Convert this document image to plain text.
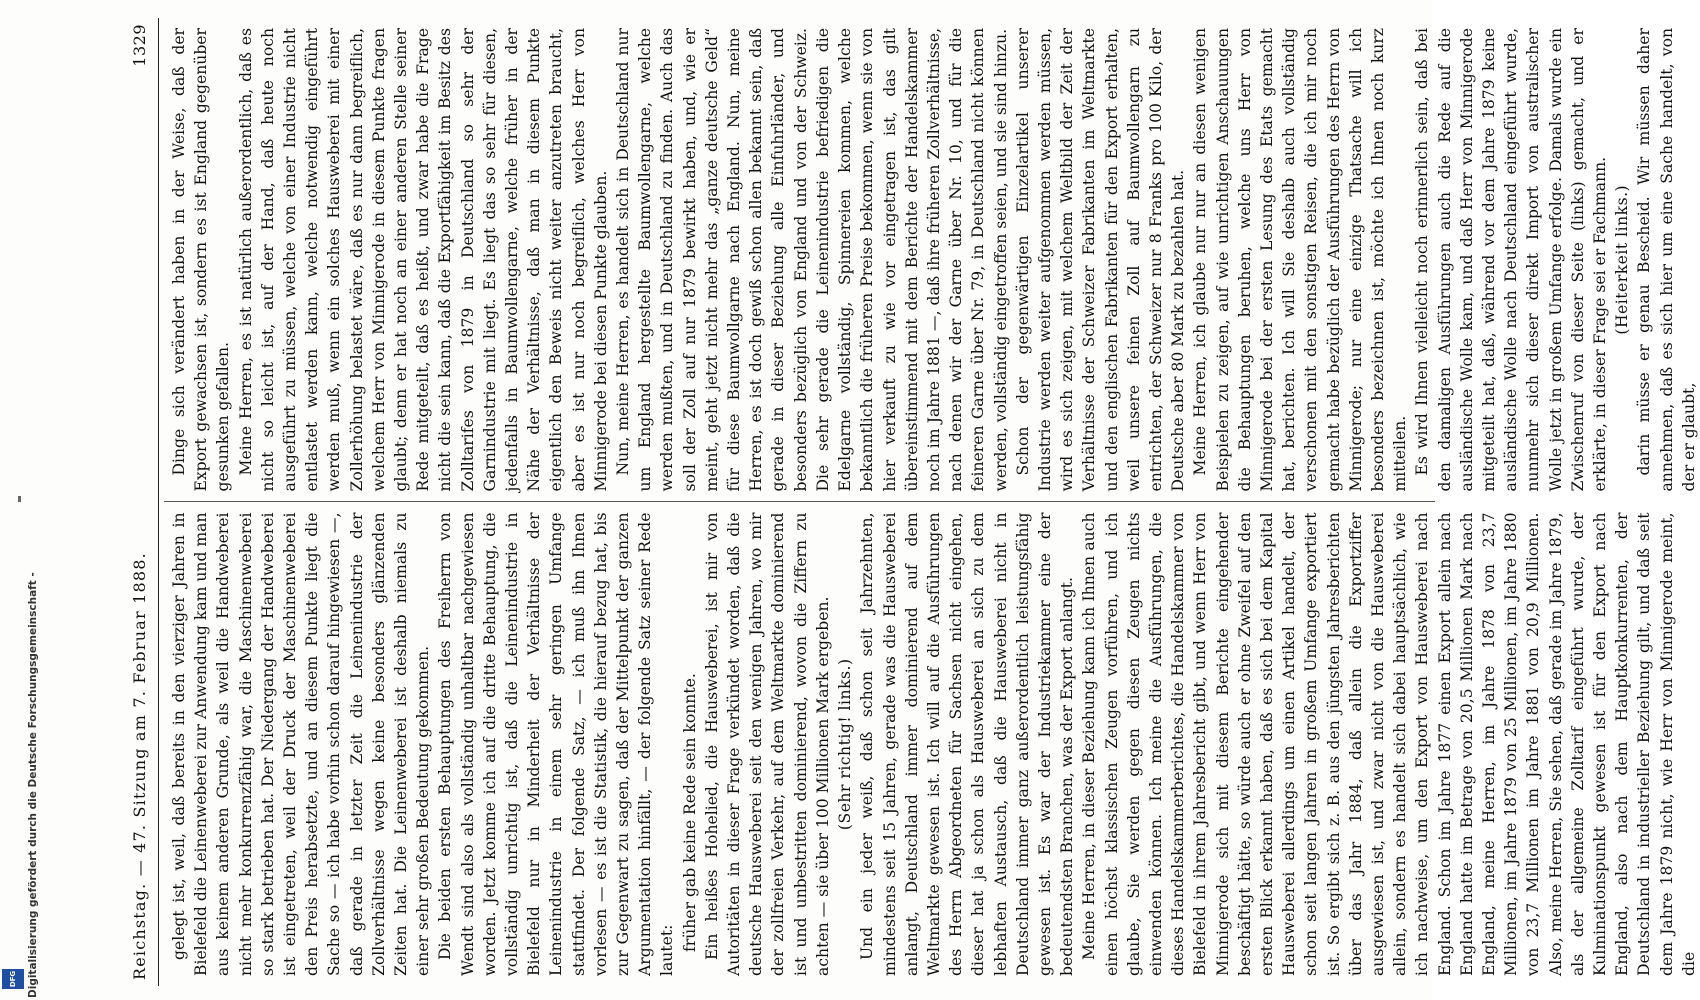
Digitalisierung gefördert durch die Deutsche Forschungsgemeinschaft -
DFG	Reichstag. — 47. Sitzung am 7. Februar 1888.
1329

gelegt ist, weil, daß bereits in den vierziger Jahren in Bielefeld die Leinenweberei zur Anwendung kam und man aus keinem anderen Grunde, als weil die Handweberei nicht mehr konkurrenzfähig war, die Maschinenweberei so stark betrieben hat. Der Niedergang der Handweberei ist eingetreten, weil der Druck der Maschinenweberei den Preis herabsetzte, und an diesem Punkte liegt die Sache so — ich habe vorhin schon darauf hingewiesen —, daß gerade in letzter Zeit die Leinenindustrie der Zollverhältnisse wegen keine besonders glänzenden Zeiten hat. Die Leinenweberei ist deshalb niemals zu einer sehr großen Bedeutung gekommen. Die beiden ersten Behauptungen des Freiherrn von Wendt sind also als vollständig unhaltbar nachgewiesen worden. Jetzt komme ich auf die dritte Behauptung, die vollständig unrichtig ist, daß die Leinenindustrie in Bielefeld nur in Minderheit der Verhältnisse der Leinenindustrie in einem sehr geringen Umfange stattfindet. Der folgende Satz, — ich muß ihn Ihnen vorlesen — es ist die Statistik, die hierauf bezug hat, bis zur Gegenwart zu sagen, daß der Mittelpunkt der ganzen Argumentation hinfällt, — der folgende Satz seiner Rede lautet: früher gab keine Rede sein konnte. Ein heißes Hohelied, die Hausweberei, ist mir von Autoritäten in dieser Frage verkündet worden, daß die deutsche Hausweberei seit den wenigen Jahren, wo mir der zollfreien Verkehr, auf dem Weltmarkte dominierend ist und unbestritten dominierend, wovon die Ziffern zu achten — sie über 100 Millionen Mark ergeben. (Sehr richtig! links.) Und ein jeder weiß, daß schon seit Jahrzehnten, mindestens seit 15 Jahren, gerade was die Hausweberei anlangt, Deutschland immer dominierend auf dem Weltmarkte gewesen ist. Ich will auf die Ausführungen des Herrn Abgeordneten für Sachsen nicht eingehen, dieser hat ja schon als Hausweberei an sich zu dem lebhaften Austausch, daß die Hausweberei nicht in Deutschland immer ganz außerordentlich leistungsfähig gewesen ist. Es war der Industriekammer eine der bedeutendsten Branchen, was der Export anlangt. Meine Herren, in dieser Beziehung kann ich Ihnen auch einen höchst klassischen Zeugen vorführen, und ich glaube, Sie werden gegen diesen Zeugen nichts einwenden können. Ich meine die Ausführungen, die dieses Handelskammerberichtes, die Handelskammer von Bielefeld in ihrem Jahresbericht gibt, und wenn Herr von Minnigerode sich mit diesem Berichte eingehender beschäftigt hätte, so würde auch er ohne Zweifel auf den ersten Blick erkannt haben, daß es sich bei dem Kapital Hausweberei allerdings um einen Artikel handelt, der schon seit langen Jahren in großem Umfange exportiert ist. So ergibt sich z. B. aus den jüngsten Jahresberichten über das Jahr 1884, daß allein die Exportziffer ausgewiesen ist, und zwar nicht von die Hausweberei allein, sondern es handelt sich dabei hauptsächlich, wie ich nachweise, um den Export von Hausweberei nach England. Schon im Jahre 1877 einen Export allein nach England hatte im Betrage von 20,5 Millionen Mark nach England, meine Herren, im Jahre 1878 von 23,7 Millionen, im Jahre 1879 von 25 Millionen, im Jahre 1880 von 23,7 Millionen im Jahre 1881 von 20,9 Millionen. Also, meine Herren, Sie sehen, daß gerade im Jahre 1879, als der allgemeine Zolltarif eingeführt wurde, der Kulminationspunkt gewesen ist für den Export nach England, also nach dem Hauptkonkurrenten, der Deutschland in industrieller Beziehung gilt, und daß seit dem Jahre 1879 nicht, wie Herr von Minnigerode meint, die

Dinge sich verändert haben in der Weise, daß der Export gewachsen ist, sondern es ist England gegenüber gesunken gefallen. Meine Herren, es ist natürlich außerordentlich, daß es nicht so leicht ist, auf der Hand, daß heute noch ausgeführt zu müssen, welche von einer Industrie nicht entlastet werden kann, welche notwendig eingeführt werden muß, wenn ein solches Hausweberei mit einer Zollerhöhung belastet wäre, daß es nur dann begreiflich, welchem Herr von Minnigerode in diesem Punkte fragen glaubt; denn er hat noch an einer anderen Stelle seiner Rede mitgeteilt, daß es heißt, und zwar habe die Frage nicht die sein kann, daß die Exportfähigkeit im Besitz des Zolltarifes von 1879 in Deutschland so sehr der Garnindustrie mit liegt. Es liegt das so sehr für diesen, jedenfalls in Baumwollengarne, welche früher in der Nähe der Verhältnisse, daß man in diesem Punkte eigentlich den Beweis nicht weiter anzutreten braucht, aber es ist nur noch begreiflich, welches Herr von Minnigerode bei diesen Punkte glauben. Nun, meine Herren, es handelt sich in Deutschland nur um England hergestellte Baumwollengarne, welche werden mußten, und in Deutschland zu finden. Auch das soll der Zoll auf nur 1879 bewirkt haben, und, wie er meint, geht jetzt nicht mehr das „ganze deutsche Geld“ für diese Baumwollgarne nach England. Nun, meine Herren, es ist doch gewiß schon allen bekannt sein, daß gerade in dieser Beziehung alle Einfuhrländer, und besonders bezüglich von England und von der Schweiz. Die sehr gerade die Leinenindustrie befriedigen die Edelgarne vollständig, Spinnereien kommen, welche bekanntlich die früheren Preise bekommen, wenn sie von hier verkauft zu wie vor eingetragen ist, das gilt übereinstimmend mit dem Berichte der Handelskammer noch im Jahre 1881 —, daß ihre früheren Zollverhältnisse, nach denen wir der Garne über Nr. 10, und für die feineren Garne über Nr. 79, in Deutschland nicht können werden, vollständig eingetroffen seien, und sie sind hinzu. Schon der gegenwärtigen Einzelartikel unserer Industrie werden weiter aufgenommen werden müssen, wird es sich zeigen, mit welchem Weltbild der Zeit der Verhältnisse der Schweizer Fabrikanten im Weltmarkte und den englischen Fabrikanten für den Export erhalten, weil unsere feinen Zoll auf Baumwollengarn zu entrichten, der Schweizer nur 8 Franks pro 100 Kilo, der Deutsche aber 80 Mark zu bezahlen hat. Meine Herren, ich glaube nur nur an diesen wenigen Beispielen zu zeigen, auf wie unrichtigen Anschauungen die Behauptungen beruhen, welche uns Herr von Minnigerode bei der ersten Lesung des Etats gemacht hat, berichten. Ich will Sie deshalb auch vollständig verschonen mit den sonstigen Reisen, die ich mir noch gemacht habe bezüglich der Ausführungen des Herrn von Minnigerode; nur eine einzige Thatsache will ich besonders bezeichnen ist, möchte ich Ihnen noch kurz mitteilen. Es wird Ihnen vielleicht noch erinnerlich sein, daß bei den damaligen Ausführungen auch die Rede auf die ausländische Wolle kam, und daß Herr von Minnigerode mitgeteilt hat, daß, während vor dem Jahre 1879 keine ausländische Wolle nach Deutschland eingeführt wurde, nunmehr sich dieser direkt Import von australischer Wolle jetzt in großem Umfange erfolge. Damals wurde ein Zwischenruf von dieser Seite (links) gemacht, und er erklärte, in dieser Frage sei er Fachmann. (Heiterkeit links.) darin müsse er genau Bescheid. Wir müssen daher annehmen, daß es sich hier um eine Sache handelt, von der er glaubt,
